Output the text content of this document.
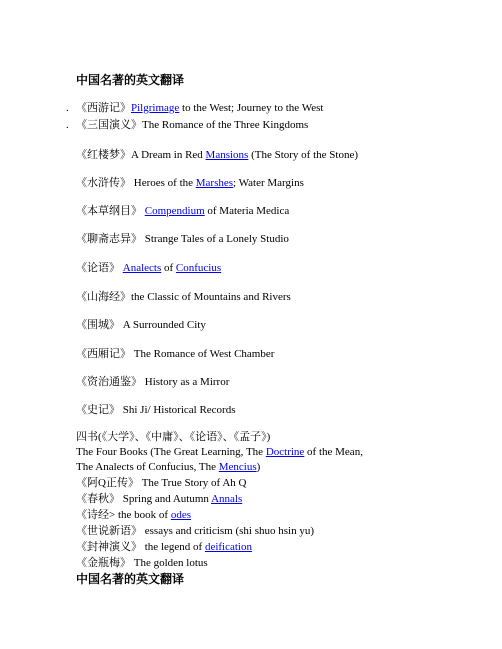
中国名著的英文翻译
. 《西游记》Pilgrimage to the West; Journey to the West
. 《三国演义》The Romance of the Three Kingdoms
《红楼梦》A Dream in Red Mansions (The Story of the Stone)
《水浒传》 Heroes of the Marshes; Water Margins
《本草纲目》 Compendium of Materia Medica
《聊斋志异》 Strange Tales of a Lonely Studio
《论语》 Analects of Confucius
《山海经》the Classic of Mountains and Rivers
《围城》 A Surrounded City
《西厢记》 The Romance of West Chamber
《资治通鉴》 History as a Mirror
《史记》 Shi Ji/ Historical Records
四书(《大学》、《中庸》、《论语》、《孟子》)
The Four Books (The Great Learning, The Doctrine of the Mean,
The Analects of Confucius, The Mencius)
《阿Q正传》 The True Story of Ah Q
《春秋》 Spring and Autumn Annals
《诗经> the book of odes
《世说新语》 essays and criticism (shi shuo hsin yu)
《封神演义》 the legend of deification
《金瓶梅》 The golden lotus
中国名著的英文翻译
